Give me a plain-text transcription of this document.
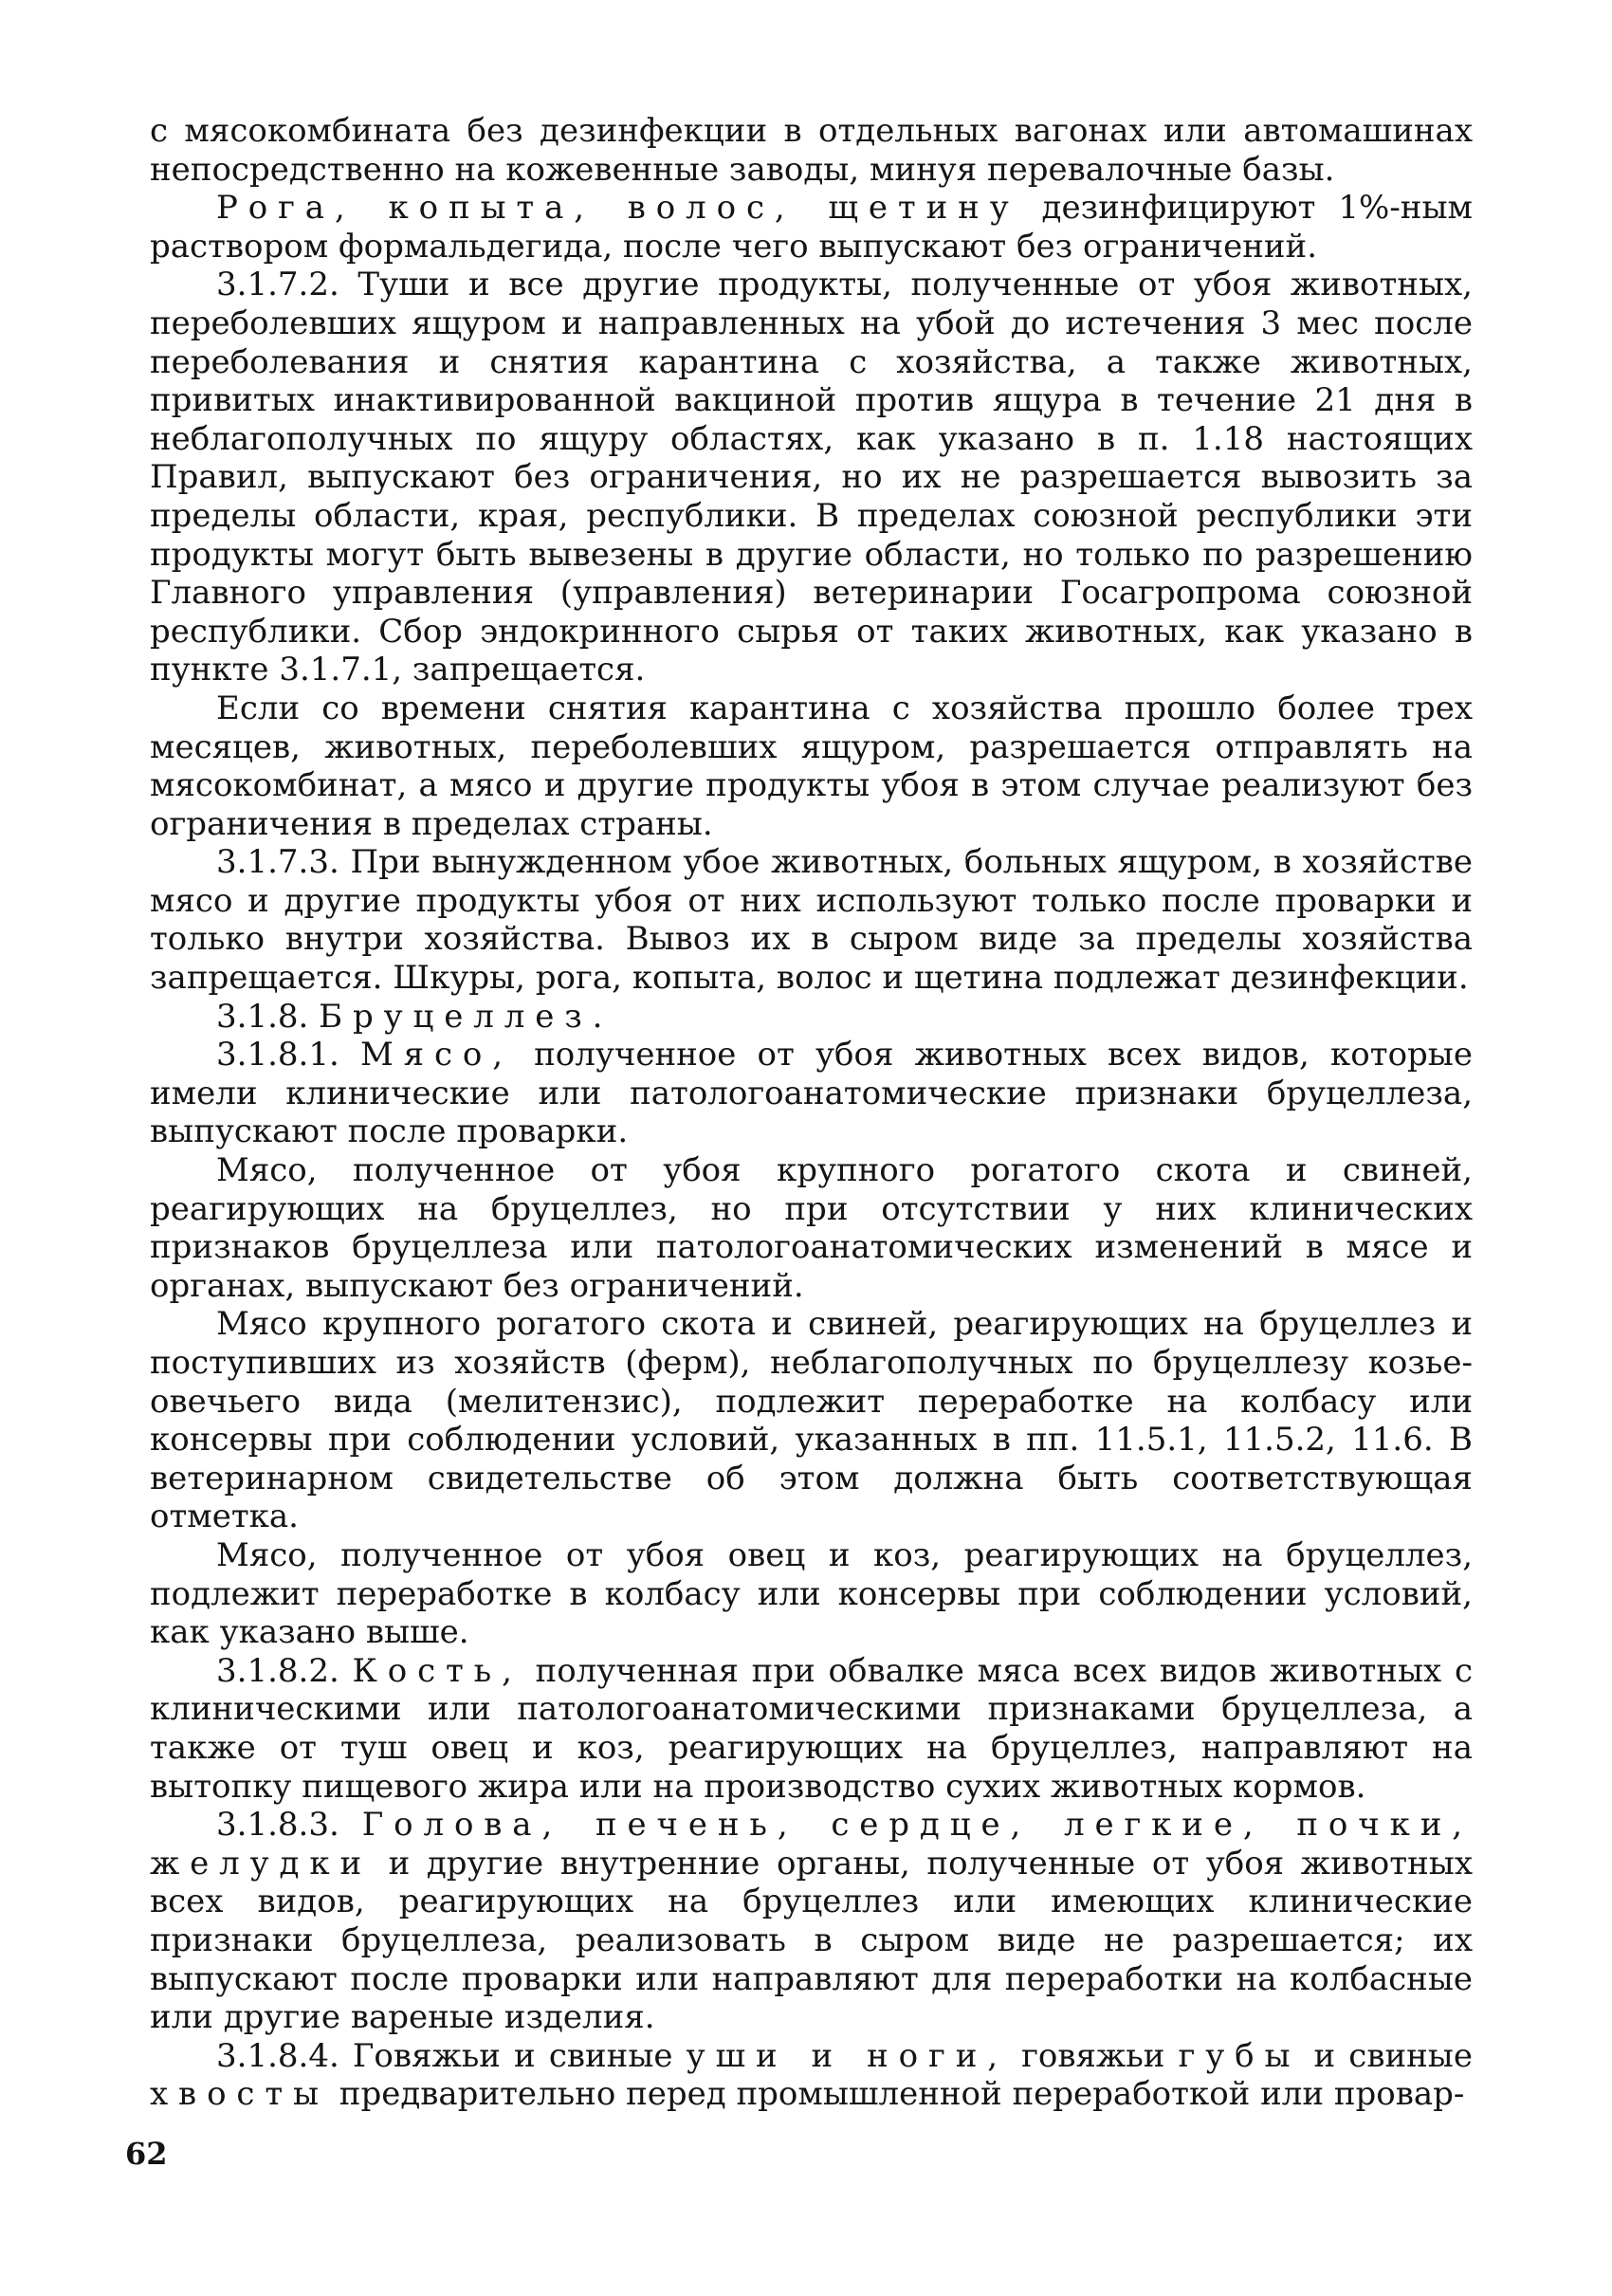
с мясокомбината без дезинфекции в отдельных вагонах или автомашинах непосредственно на кожевенные заводы, минуя перевалочные базы.

Рога, копыта, волос, щетину дезинфицируют 1%-ным раствором формальдегида, после чего выпускают без ограничений.

3.1.7.2. Туши и все другие продукты, полученные от убоя животных, переболевших ящуром и направленных на убой до истечения 3 мес после переболевания и снятия карантина с хозяйства, а также животных, привитых инактивированной вакциной против ящура в течение 21 дня в неблагополучных по ящуру областях, как указано в п. 1.18 настоящих Правил, выпускают без ограничения, но их не разрешается вывозить за пределы области, края, республики. В пределах союзной республики эти продукты могут быть вывезены в другие области, но только по разрешению Главного управления (управления) ветеринарии Госагропрома союзной республики. Сбор эндокринного сырья от таких животных, как указано в пункте 3.1.7.1, запрещается.

Если со времени снятия карантина с хозяйства прошло более трех месяцев, животных, переболевших ящуром, разрешается отправлять на мясокомбинат, а мясо и другие продукты убоя в этом случае реализуют без ограничения в пределах страны.

3.1.7.3. При вынужденном убое животных, больных ящуром, в хозяйстве мясо и другие продукты убоя от них используют только после проварки и только внутри хозяйства. Вывоз их в сыром виде за пределы хозяйства запрещается. Шкуры, рога, копыта, волос и щетина подлежат дезинфекции.

3.1.8. Бруцеллез.

3.1.8.1. Мясо, полученное от убоя животных всех видов, которые имели клинические или патологоанатомические признаки бруцеллеза, выпускают после проварки.

Мясо, полученное от убоя крупного рогатого скота и свиней, реагирующих на бруцеллез, но при отсутствии у них клинических признаков бруцеллеза или патологоанатомических изменений в мясе и органах, выпускают без ограничений.

Мясо крупного рогатого скота и свиней, реагирующих на бруцеллез и поступивших из хозяйств (ферм), неблагополучных по бруцеллезу козье-овечьего вида (мелитензис), подлежит переработке на колбасу или консервы при соблюдении условий, указанных в пп. 11.5.1, 11.5.2, 11.6. В ветеринарном свидетельстве об этом должна быть соответствующая отметка.

Мясо, полученное от убоя овец и коз, реагирующих на бруцеллез, подлежит переработке в колбасу или консервы при соблюдении условий, как указано выше.

3.1.8.2. Кость, полученная при обвалке мяса всех видов животных с клиническими или патологоанатомическими признаками бруцеллеза, а также от туш овец и коз, реагирующих на бруцеллез, направляют на вытопку пищевого жира или на производство сухих животных кормов.

3.1.8.3. Голова, печень, сердце, легкие, почки, желудки и другие внутренние органы, полученные от убоя животных всех видов, реагирующих на бруцеллез или имеющих клинические признаки бруцеллеза, реализовать в сыром виде не разрешается; их выпускают после проварки или направляют для переработки на колбасные или другие вареные изделия.

3.1.8.4. Говяжьи и свиные уши и ноги, говяжьи губы и свиные хвосты предварительно перед промышленной переработкой или провар-

62
